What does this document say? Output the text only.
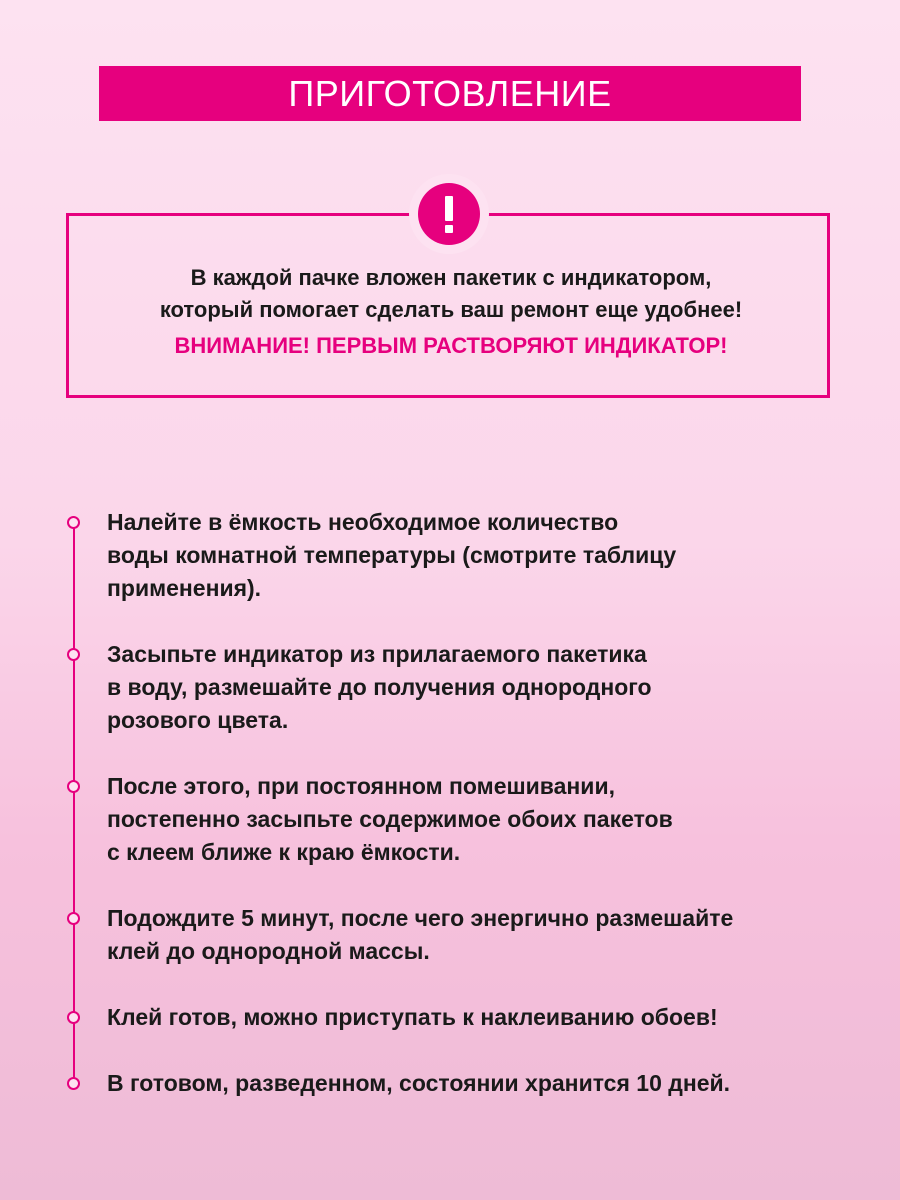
ПРИГОТОВЛЕНИЕ
В каждой пачке вложен пакетик с индикатором,
который помогает сделать ваш ремонт еще удобнее!
ВНИМАНИЕ! ПЕРВЫМ РАСТВОРЯЮТ ИНДИКАТОР!
Налейте в ёмкость необходимое количество
воды комнатной температуры (смотрите таблицу
применения).
Засыпьте индикатор из прилагаемого пакетика
в воду, размешайте до получения однородного
розового цвета.
После этого, при постоянном помешивании,
постепенно засыпьте содержимое обоих пакетов
с клеем ближе к краю ёмкости.
Подождите 5 минут, после чего энергично размешайте
клей до однородной массы.
Клей готов, можно приступать к наклеиванию обоев!
В готовом, разведенном, состоянии хранится 10 дней.
